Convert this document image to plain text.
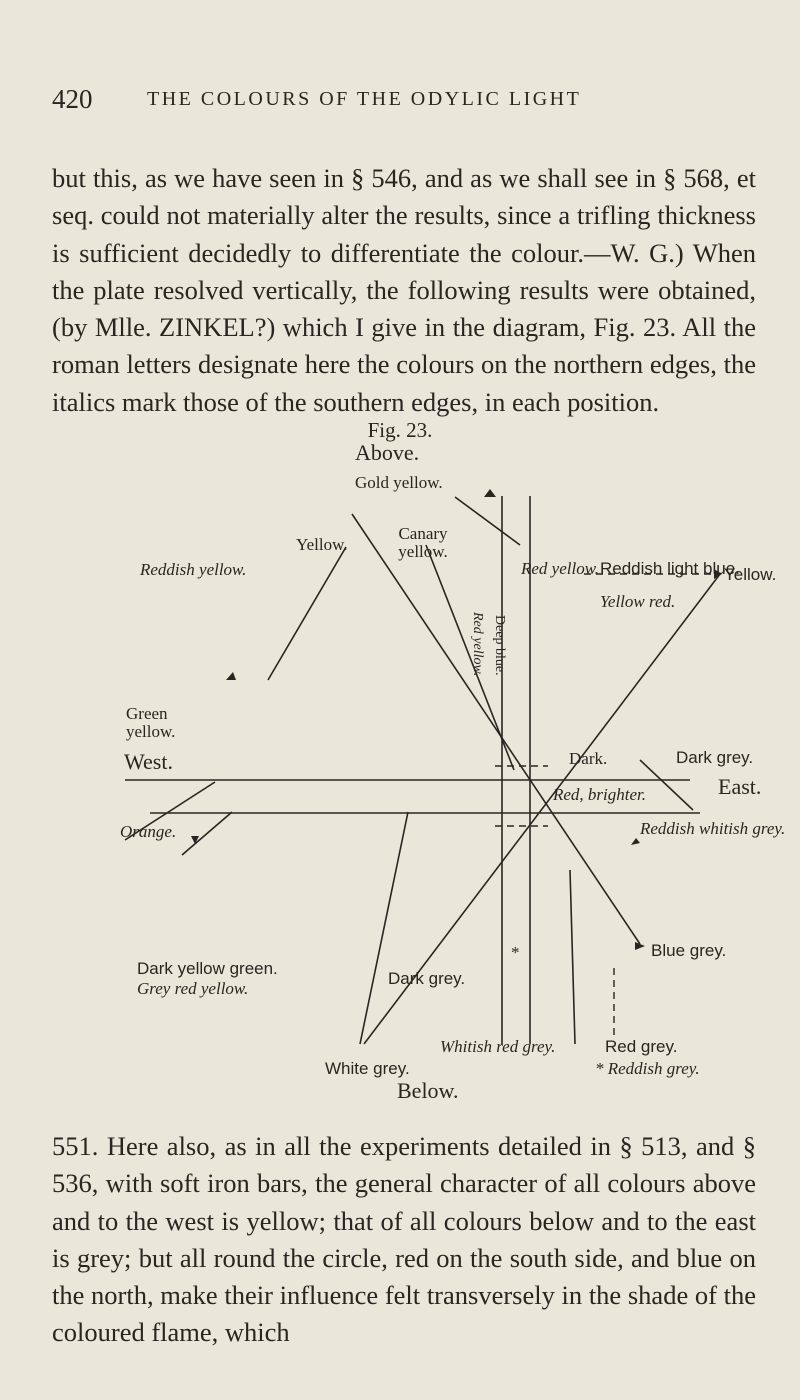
420	THE COLOURS OF THE ODYLIC LIGHT

but this, as we have seen in § 546, and as we shall see in § 568, et seq. could not materially alter the results, since a trifling thickness is sufficient decidedly to differentiate the colour.—W. G.) When the plate resolved vertically, the following results were obtained, (by Mlle. ZINKEL?) which I give in the diagram, Fig. 23. All the roman letters designate here the colours on the northern edges, the italics mark those of the southern edges, in each position.

Fig. 23.
Above.
Gold yellow.
Canary yellow.
Yellow.
Red yellow.
Reddish yellow.	Reddish light blue.
Yellow.
Yellow red.
Deep blue.
Red yellow.
Green yellow.
West.	Dark.	Dark grey.
Red, brighter.	East.
Orange.	Reddish whitish grey.
*	Blue grey.
Dark yellow green.
Grey red yellow.
Dark grey.
Whitish red grey.	Red grey.
White grey.	* Reddish grey.
Below.

551. Here also, as in all the experiments detailed in § 513, and § 536, with soft iron bars, the general character of all colours above and to the west is yellow; that of all colours below and to the east is grey; but all round the circle, red on the south side, and blue on the north, make their influence felt transversely in the shade of the coloured flame, which
